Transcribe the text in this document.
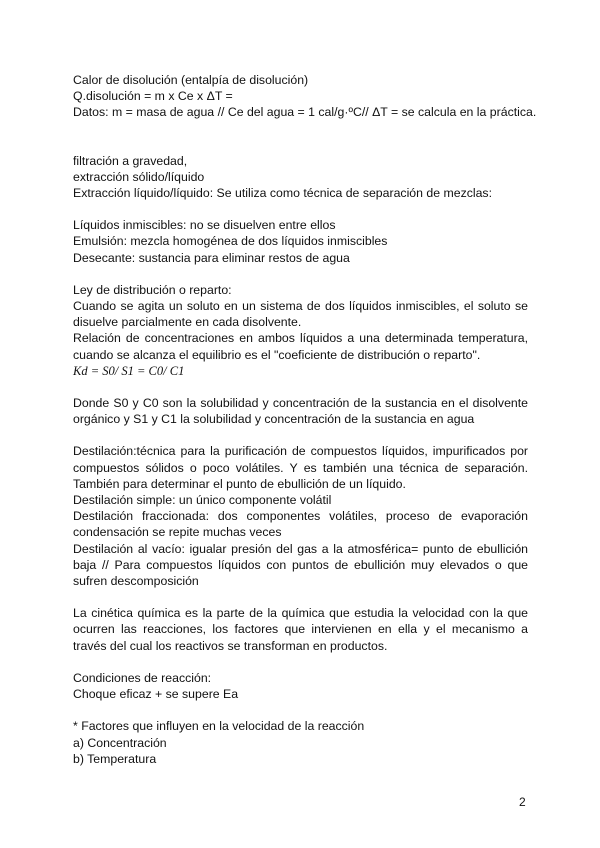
Calor de disolución (entalpía de disolución)
Q.disolución = m x Ce x ΔT =
Datos: m = masa de agua // Ce del agua = 1 cal/g·ºC// ΔT = se calcula en la práctica.
filtración a gravedad,
extracción sólido/líquido
Extracción líquido/líquido: Se utiliza como técnica de separación de mezclas:
Líquidos inmiscibles: no se disuelven entre ellos
Emulsión: mezcla homogénea de dos líquidos inmiscibles
Desecante: sustancia para eliminar restos de agua
Ley de distribución o reparto:
Cuando se agita un soluto en un sistema de dos líquidos inmiscibles, el soluto se disuelve parcialmente en cada disolvente.
Relación de concentraciones en ambos líquidos a una determinada temperatura, cuando se alcanza el equilibrio es el "coeficiente de distribución o reparto".
Kd = S0/ S1 = C0/ C1
Donde S0 y C0 son la solubilidad y concentración de la sustancia en el disolvente orgánico y S1 y C1 la solubilidad y concentración de la sustancia en agua
Destilación:técnica para la purificación de compuestos líquidos, impurificados por compuestos sólidos o poco volátiles. Y es también una técnica de separación. También para determinar el punto de ebullición de un líquido.
Destilación simple: un único componente volátil
Destilación fraccionada: dos componentes volátiles, proceso de evaporación condensación se repite muchas veces
Destilación al vacío: igualar presión del gas a la atmosférica= punto de ebullición baja // Para compuestos líquidos con puntos de ebullición muy elevados o que sufren descomposición
La cinética química es la parte de la química que estudia la velocidad con la que ocurren las reacciones, los factores que intervienen en ella y el mecanismo a través del cual los reactivos se transforman en productos.
Condiciones de reacción:
Choque eficaz + se supere Ea
* Factores que influyen en la velocidad de la reacción
a) Concentración
b) Temperatura
2
